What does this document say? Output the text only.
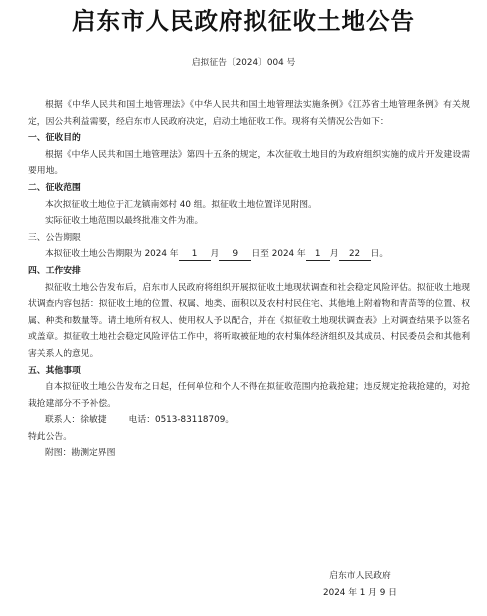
启东市人民政府拟征收土地公告
启拟征告〔2024〕004 号

根据《中华人民共和国土地管理法》《中华人民共和国土地管理法实施条例》《江苏省土地管理条例》有关规定，因公共利益需要，经启东市人民政府决定，启动土地征收工作。现将有关情况公告如下：

一、征收目的

根据《中华人民共和国土地管理法》第四十五条的规定，本次征收土地目的为政府组织实施的成片开发建设需要用地。

二、征收范围

本次拟征收土地位于汇龙镇南郊村 40 组。拟征收土地位置详见附图。

实际征收土地范围以最终批准文件为准。

三、公告期限

本拟征收土地公告期限为 2024 年 1 月 9 日至 2024 年 1 月 22 日。

四、工作安排

拟征收土地公告发布后，启东市人民政府将组织开展拟征收土地现状调查和社会稳定风险评估。拟征收土地现状调查内容包括：拟征收土地的位置、权属、地类、面积以及农村村民住宅、其他地上附着物和青苗等的位置、权属、种类和数量等。请土地所有权人、使用权人予以配合，并在《拟征收土地现状调查表》上对调查结果予以签名或盖章。拟征收土地社会稳定风险评估工作中，将听取被征地的农村集体经济组织及其成员、村民委员会和其他利害关系人的意见。

五、其他事项

自本拟征收土地公告发布之日起，任何单位和个人不得在拟征收范围内抢栽抢建；违反规定抢栽抢建的，对抢栽抢建部分不予补偿。

联系人：徐敏捷	电话：0513-83118709。

特此公告。

附图：勘测定界图

启东市人民政府
2024 年 1 月 9 日
